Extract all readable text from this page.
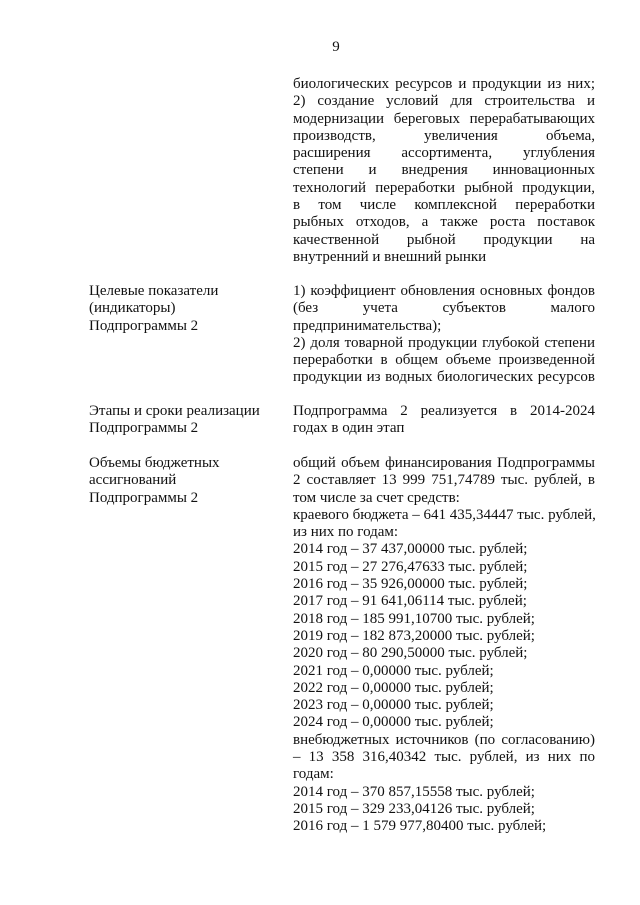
9
биологических ресурсов и продукции из них;
2) создание условий для строительства и
модернизации береговых перерабатывающих
производств, увеличения объема,
расширения ассортимента, углубления
степени и внедрения инновационных
технологий переработки рыбной продукции,
в том числе комплексной переработки
рыбных отходов, а также роста поставок
качественной рыбной продукции на
внутренний и внешний рынки
Целевые показатели
(индикаторы)
Подпрограммы 2
1) коэффициент обновления основных фондов
(без учета субъектов малого
предпринимательства);
2) доля товарной продукции глубокой степени
переработки в общем объеме произведенной
продукции из водных биологических ресурсов
Этапы и сроки реализации
Подпрограммы 2
Подпрограмма 2 реализуется в 2014-2024
годах в один этап
Объемы бюджетных
ассигнований
Подпрограммы 2
общий объем финансирования Подпрограммы
2 составляет 13 999 751,74789 тыс. рублей, в
том числе за счет средств:
краевого бюджета – 641 435,34447 тыс. рублей,
из них по годам:
2014 год – 37 437,00000 тыс. рублей;
2015 год – 27 276,47633 тыс. рублей;
2016 год – 35 926,00000 тыс. рублей;
2017 год – 91 641,06114 тыс. рублей;
2018 год – 185 991,10700 тыс. рублей;
2019 год – 182 873,20000 тыс. рублей;
2020 год – 80 290,50000 тыс. рублей;
2021 год – 0,00000 тыс. рублей;
2022 год – 0,00000 тыс. рублей;
2023 год – 0,00000 тыс. рублей;
2024 год – 0,00000 тыс. рублей;
внебюджетных источников (по согласованию)
– 13 358 316,40342 тыс. рублей, из них по
годам:
2014 год – 370 857,15558 тыс. рублей;
2015 год – 329 233,04126 тыс. рублей;
2016 год – 1 579 977,80400 тыс. рублей;
